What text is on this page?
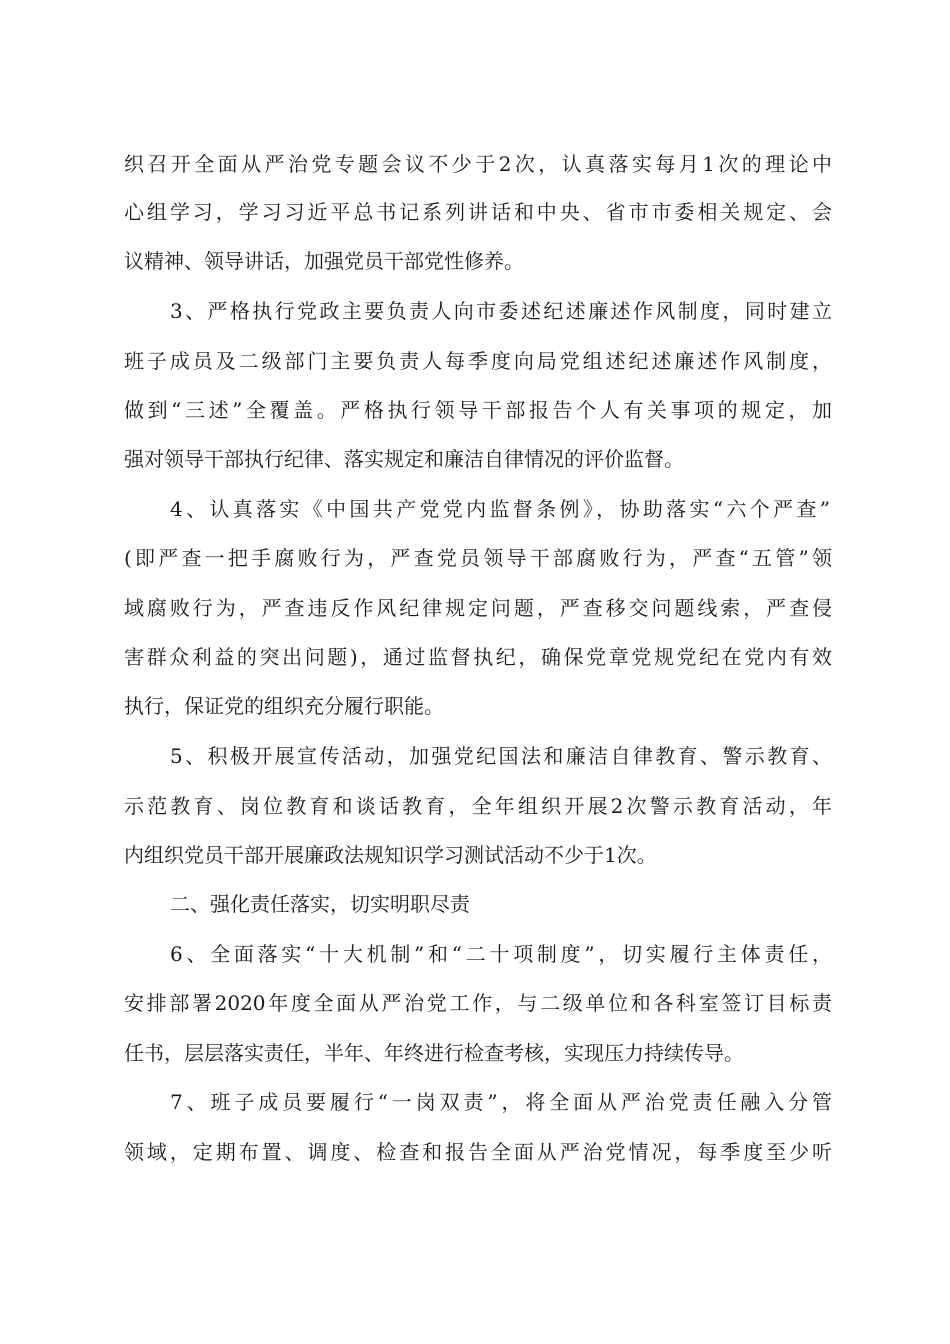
织召开全面从严治党专题会议不少于2次，认真落实每月1次的理论中
心组学习，学习习近平总书记系列讲话和中央、省市市委相关规定、会
议精神、领导讲话，加强党员干部党性修养。
3、严格执行党政主要负责人向市委述纪述廉述作风制度，同时建立
班子成员及二级部门主要负责人每季度向局党组述纪述廉述作风制度，
做到“三述”全覆盖。严格执行领导干部报告个人有关事项的规定，加
强对领导干部执行纪律、落实规定和廉洁自律情况的评价监督。
4、认真落实《中国共产党党内监督条例》，协助落实“六个严查”
(即严查一把手腐败行为，严查党员领导干部腐败行为，严查“五管”领
域腐败行为，严查违反作风纪律规定问题，严查移交问题线索，严查侵
害群众利益的突出问题)，通过监督执纪，确保党章党规党纪在党内有效
执行，保证党的组织充分履行职能。
5、积极开展宣传活动，加强党纪国法和廉洁自律教育、警示教育、
示范教育、岗位教育和谈话教育，全年组织开展2次警示教育活动，年
内组织党员干部开展廉政法规知识学习测试活动不少于1次。
二、强化责任落实，切实明职尽责
6、全面落实“十大机制”和“二十项制度”，切实履行主体责任，
安排部署2020年度全面从严治党工作，与二级单位和各科室签订目标责
任书，层层落实责任，半年、年终进行检查考核，实现压力持续传导。
7、班子成员要履行“一岗双责”，将全面从严治党责任融入分管
领域，定期布置、调度、检查和报告全面从严治党情况，每季度至少听
